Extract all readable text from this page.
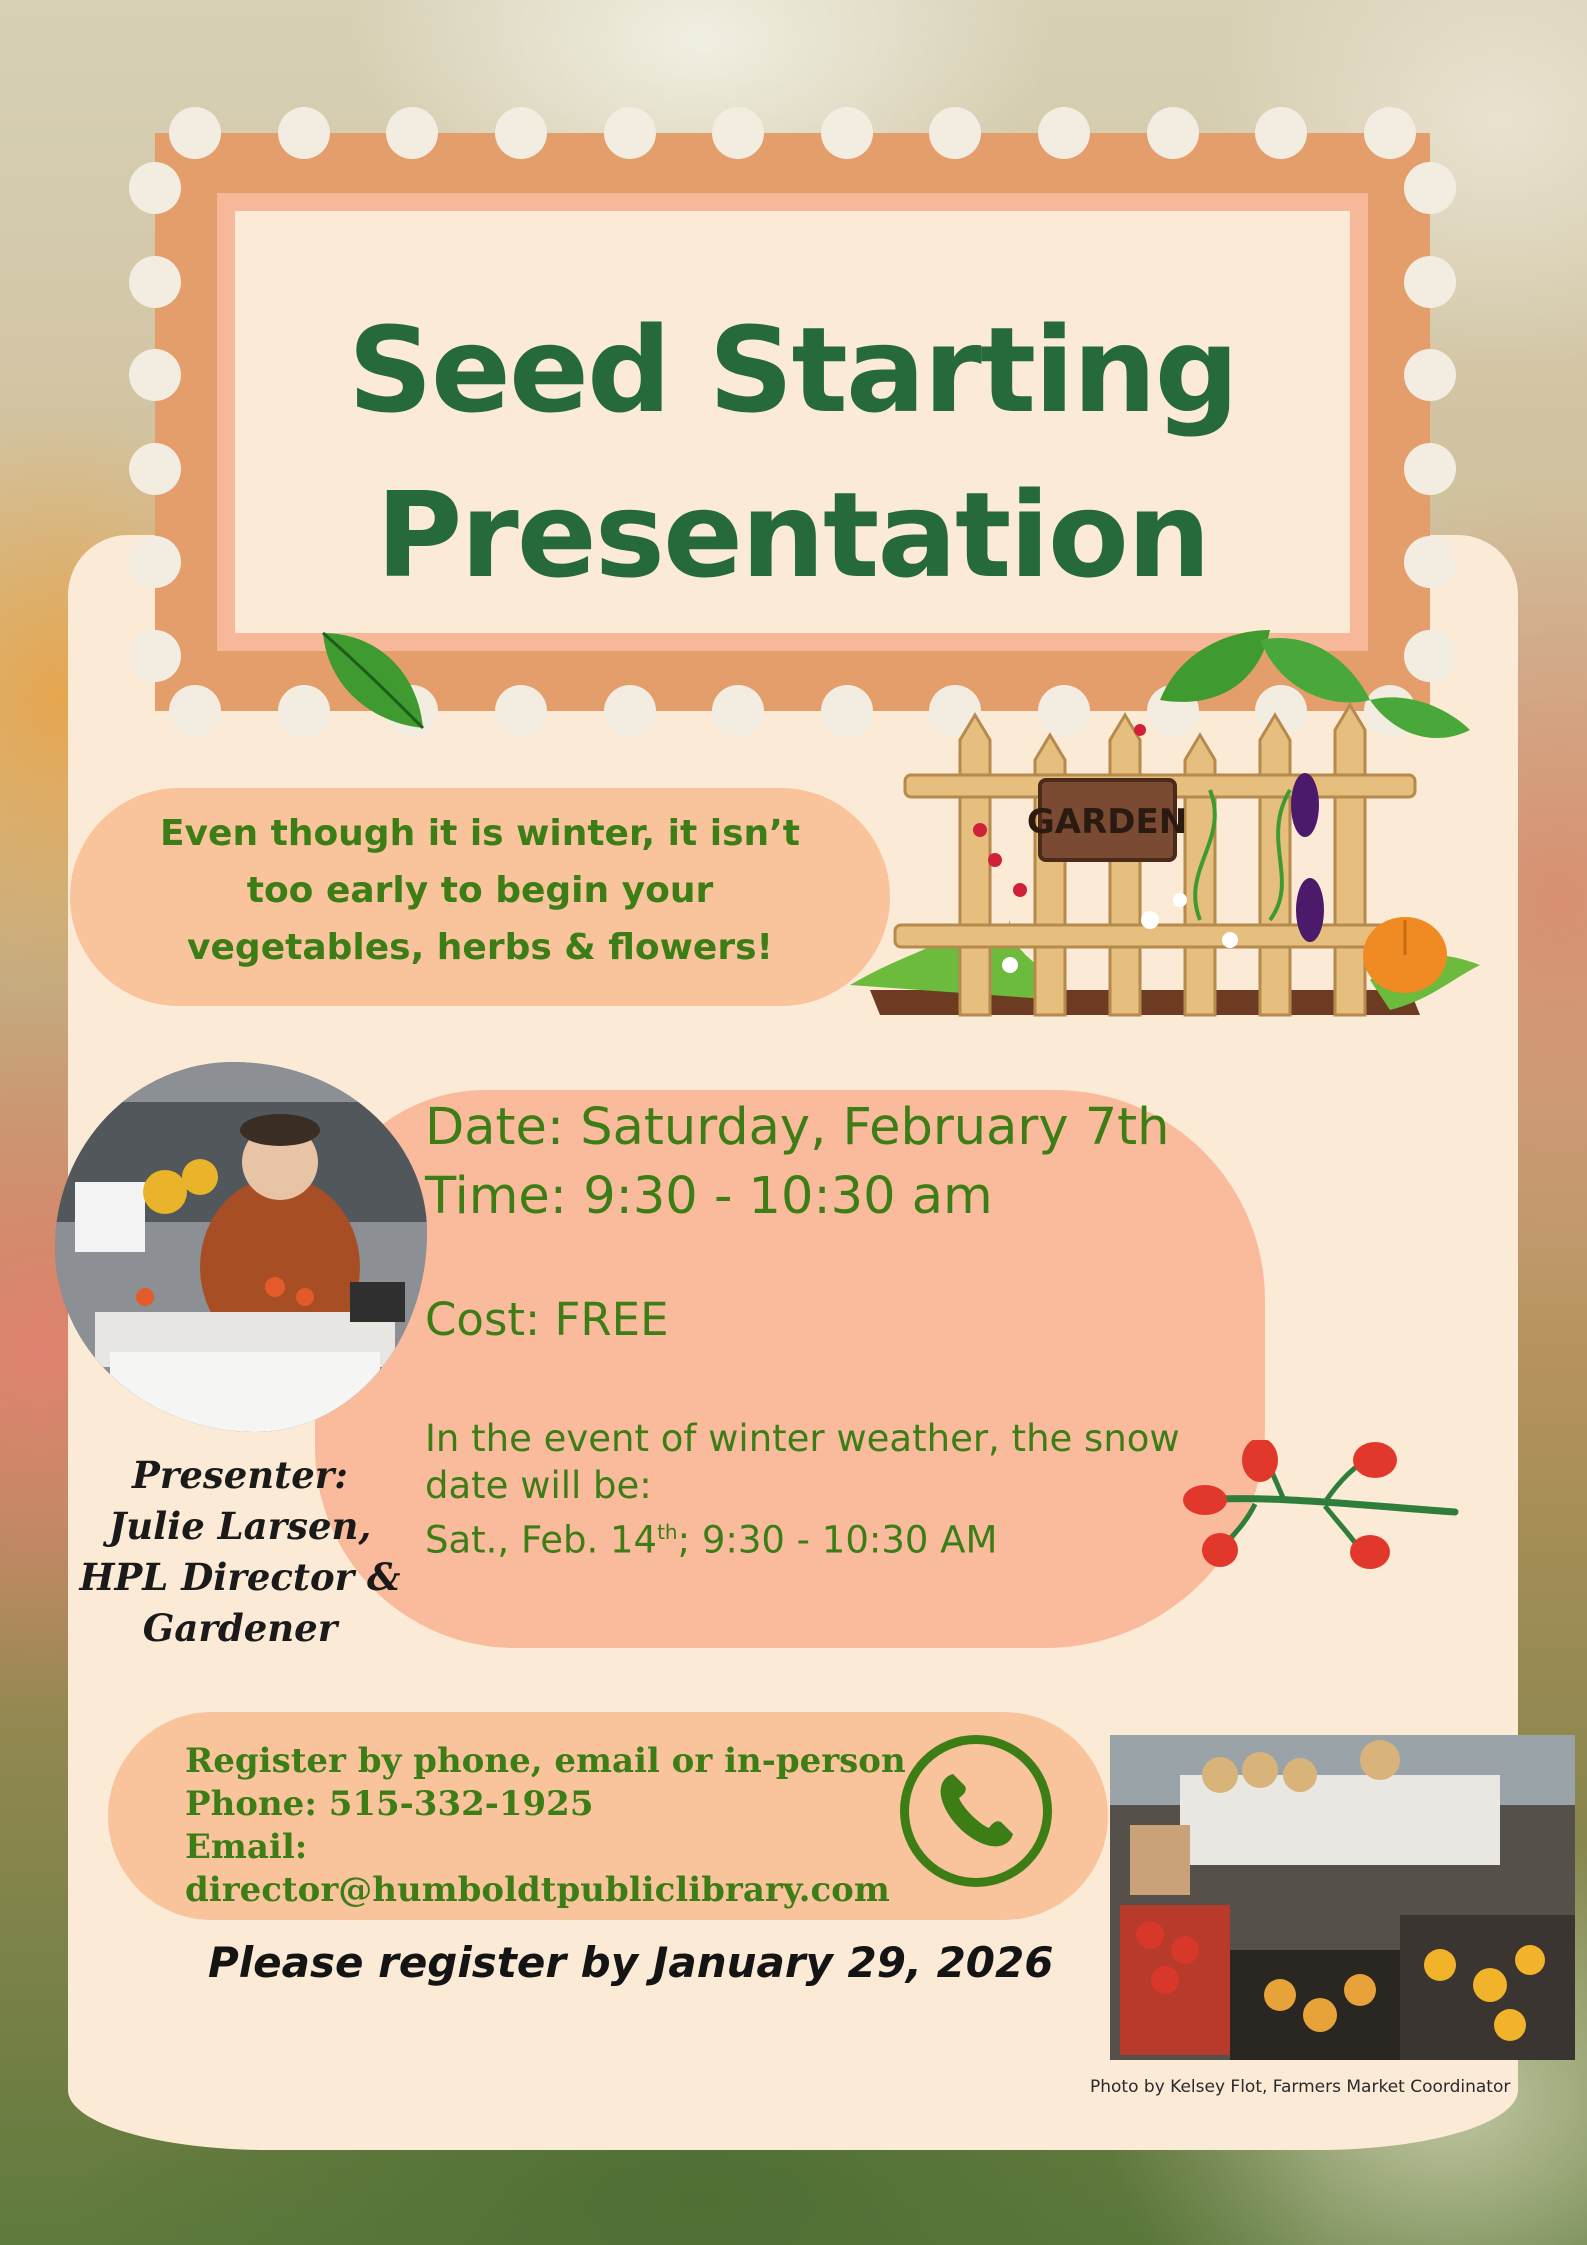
Seed Starting
Presentation
Even though it is winter, it isn’t
too early to begin your
vegetables, herbs & flowers!
GARDEN
Date: Saturday, February 7th
Time: 9:30 - 10:30 am
Cost: FREE
In the event of winter weather, the snow
date will be:
Sat., Feb. 14th; 9:30 - 10:30 AM
Presenter:
Julie Larsen,
HPL Director &
Gardener
Register by phone, email or in-person
Phone: 515-332-1925
Email:
director@humboldtpubliclibrary.com
Please register by January 29, 2026
Photo by Kelsey Flot, Farmers Market Coordinator
